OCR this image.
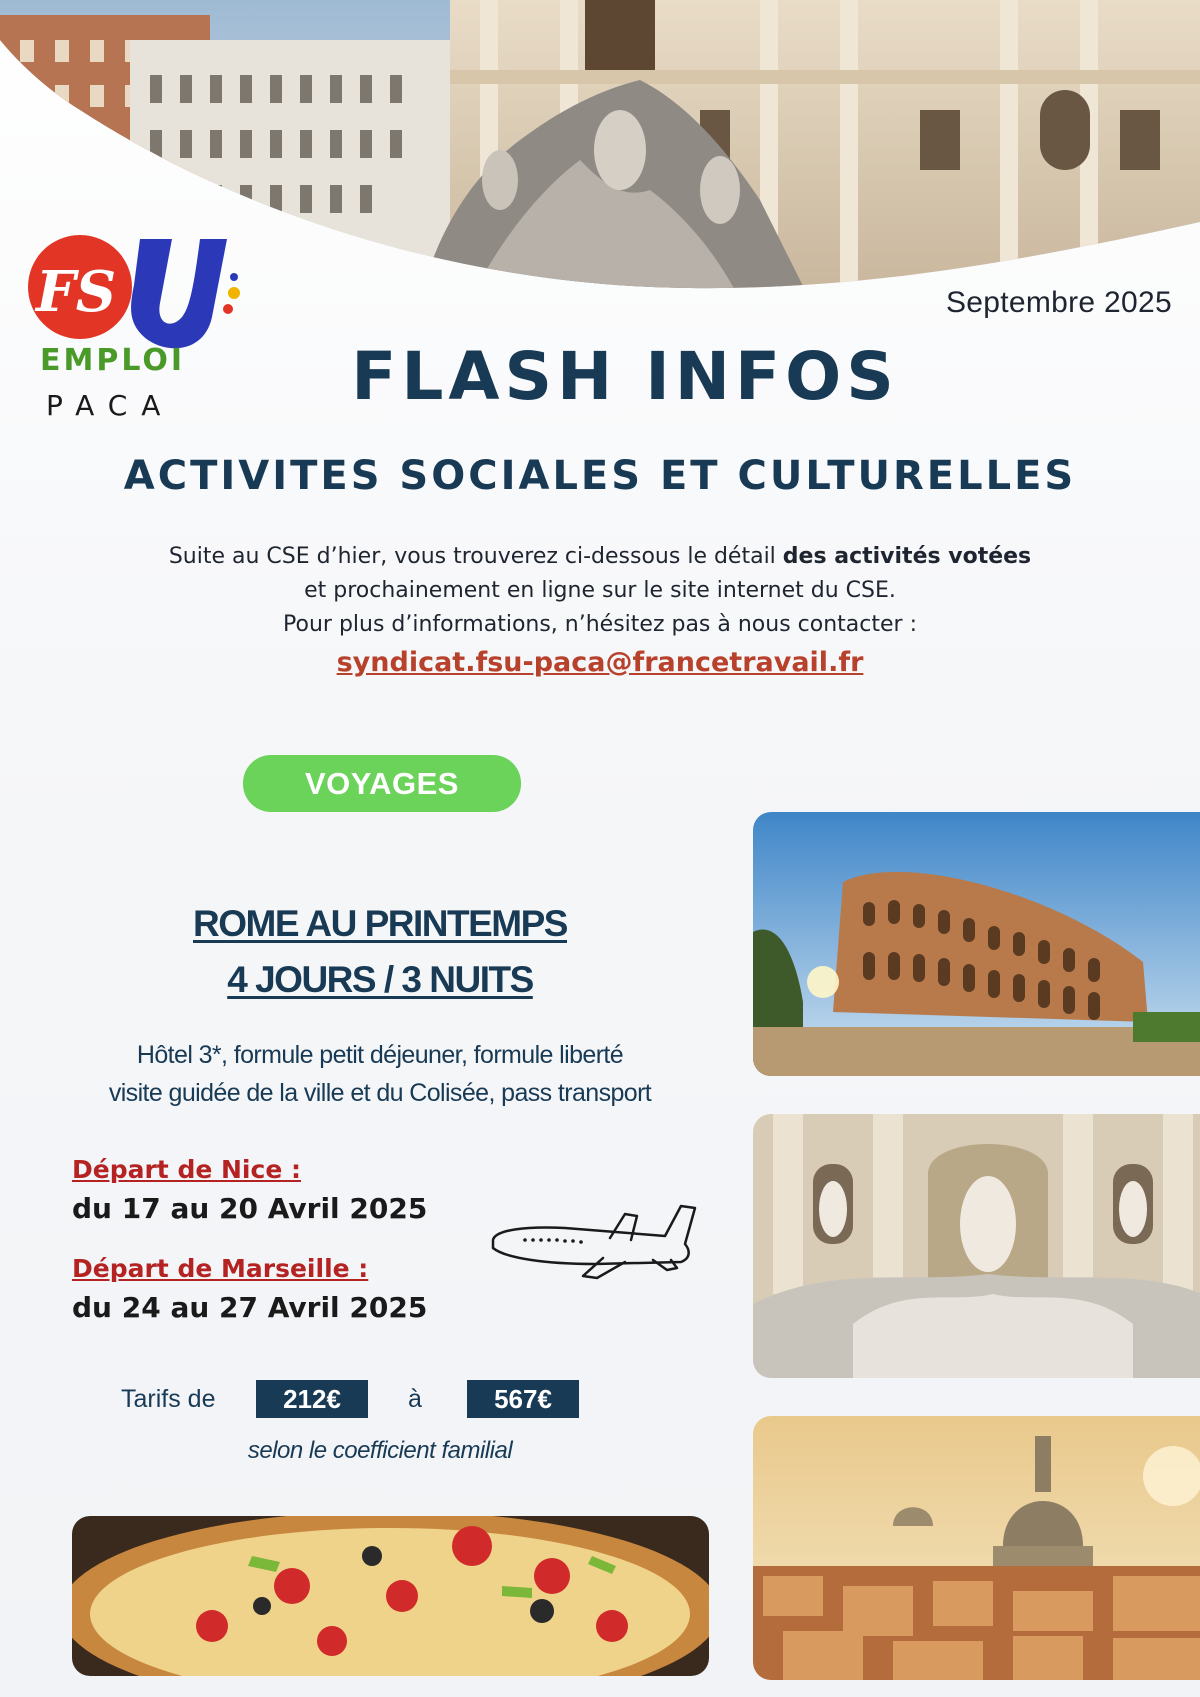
FS
EMPLOI
PACA
Septembre 2025
FLASH INFOS
ACTIVITES SOCIALES ET CULTURELLES
Suite au CSE d’hier, vous trouverez ci-dessous le détail des activités votées
et prochainement en ligne sur le site internet du CSE.
Pour plus d’informations, n’hésitez pas à nous contacter :
syndicat.fsu-paca@francetravail.fr
VOYAGES
ROME AU PRINTEMPS
4 JOURS / 3 NUITS
Hôtel 3*, formule petit déjeuner, formule liberté
visite guidée de la ville et du Colisée, pass transport
Départ de Nice :
du 17 au 20 Avril 2025
Départ de Marseille :
du 24 au 27 Avril 2025
Tarifs de	212€	à	567€
selon le coefficient familial
